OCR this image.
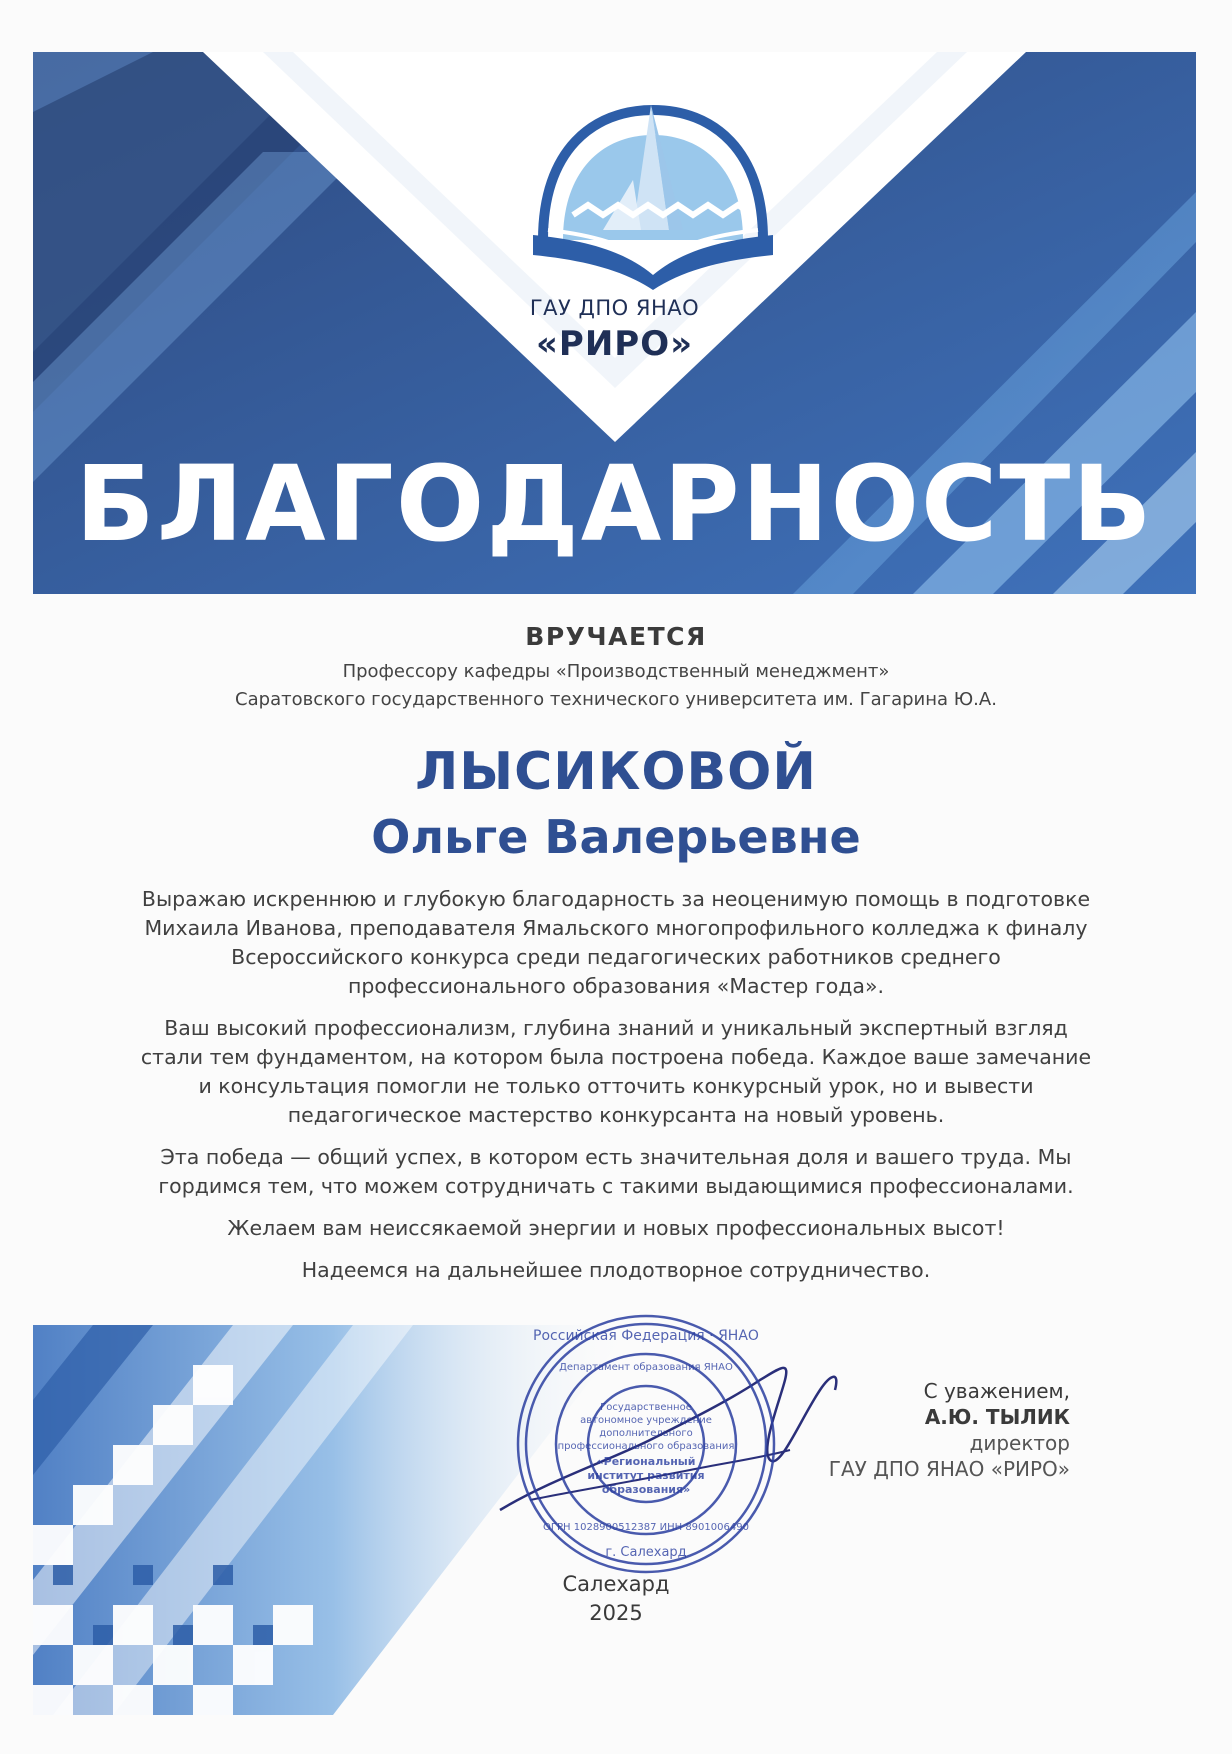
ГАУ ДПО ЯНАО
«РИРО»
БЛАГОДАРНОСТЬ
ВРУЧАЕТСЯ
Профессору кафедры «Производственный менеджмент»
Саратовского государственного технического университета им. Гагарина Ю.А.
ЛЫСИКОВОЙ
Ольге Валерьевне

Выражаю искреннюю и глубокую благодарность за неоценимую помощь в подготовке Михаила Иванова, преподавателя Ямальского многопрофильного колледжа к финалу Всероссийского конкурса среди педагогических работников среднего профессионального образования «Мастер года».

Ваш высокий профессионализм, глубина знаний и уникальный экспертный взгляд стали тем фундаментом, на котором была построена победа. Каждое ваше замечание и консультация помогли не только отточить конкурсный урок, но и вывести педагогическое мастерство конкурсанта на новый уровень.

Эта победа — общий успех, в котором есть значительная доля и вашего труда. Мы гордимся тем, что можем сотрудничать с такими выдающимися профессионалами.

Желаем вам неиссякаемой энергии и новых профессиональных высот!

Надеемся на дальнейшее плодотворное сотрудничество.

Российская Федерация · ЯНАО
Департамент образования ЯНАО
Государственное
автономное учреждение
дополнительного
профессионального образования
«Региональный
институт развития
образования»
ОГРН 1028900512387 ИНН 8901006490
г. Салехард
С уважением,
А.Ю. ТЫЛИК
директор
ГАУ ДПО ЯНАО «РИРО»
Салехард
2025
